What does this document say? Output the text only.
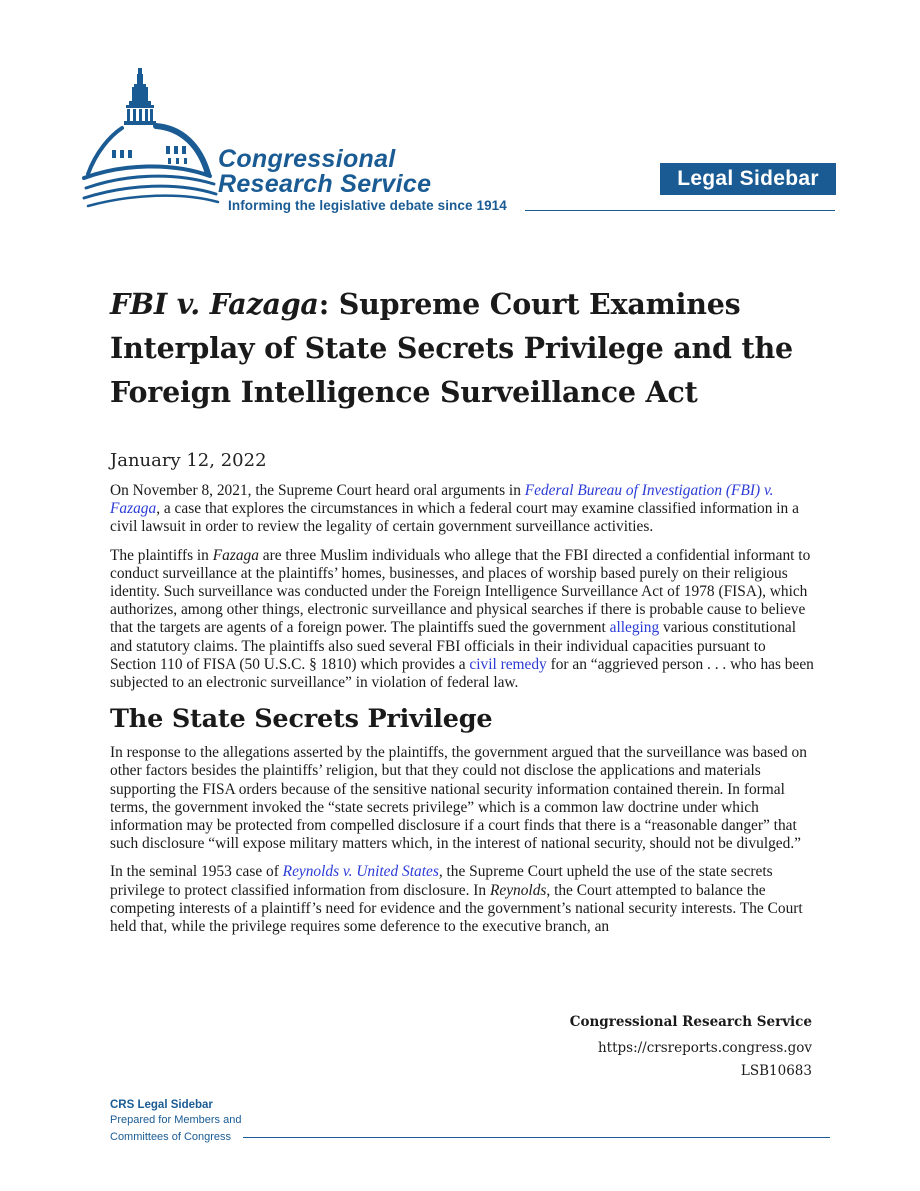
Congressional
Research Service
Informing the legislative debate since 1914
Legal Sidebar
FBI v. Fazaga: Supreme Court Examines Interplay of State Secrets Privilege and the Foreign Intelligence Surveillance Act
January 12, 2022

On November 8, 2021, the Supreme Court heard oral arguments in Federal Bureau of Investigation (FBI) v. Fazaga, a case that explores the circumstances in which a federal court may examine classified information in a civil lawsuit in order to review the legality of certain government surveillance activities.

The plaintiffs in Fazaga are three Muslim individuals who allege that the FBI directed a confidential informant to conduct surveillance at the plaintiffs’ homes, businesses, and places of worship based purely on their religious identity. Such surveillance was conducted under the Foreign Intelligence Surveillance Act of 1978 (FISA), which authorizes, among other things, electronic surveillance and physical searches if there is probable cause to believe that the targets are agents of a foreign power. The plaintiffs sued the government alleging various constitutional and statutory claims. The plaintiffs also sued several FBI officials in their individual capacities pursuant to Section 110 of FISA (50 U.S.C. § 1810) which provides a civil remedy for an “aggrieved person . . . who has been subjected to an electronic surveillance” in violation of federal law.

The State Secrets Privilege

In response to the allegations asserted by the plaintiffs, the government argued that the surveillance was based on other factors besides the plaintiffs’ religion, but that they could not disclose the applications and materials supporting the FISA orders because of the sensitive national security information contained therein. In formal terms, the government invoked the “state secrets privilege” which is a common law doctrine under which information may be protected from compelled disclosure if a court finds that there is a “reasonable danger” that such disclosure “will expose military matters which, in the interest of national security, should not be divulged.”

In the seminal 1953 case of Reynolds v. United States, the Supreme Court upheld the use of the state secrets privilege to protect classified information from disclosure. In Reynolds, the Court attempted to balance the competing interests of a plaintiff’s need for evidence and the government’s national security interests. The Court held that, while the privilege requires some deference to the executive branch, an

Congressional Research Service
https://crsreports.congress.gov
LSB10683
CRS Legal Sidebar
Prepared for Members and
Committees of Congress
